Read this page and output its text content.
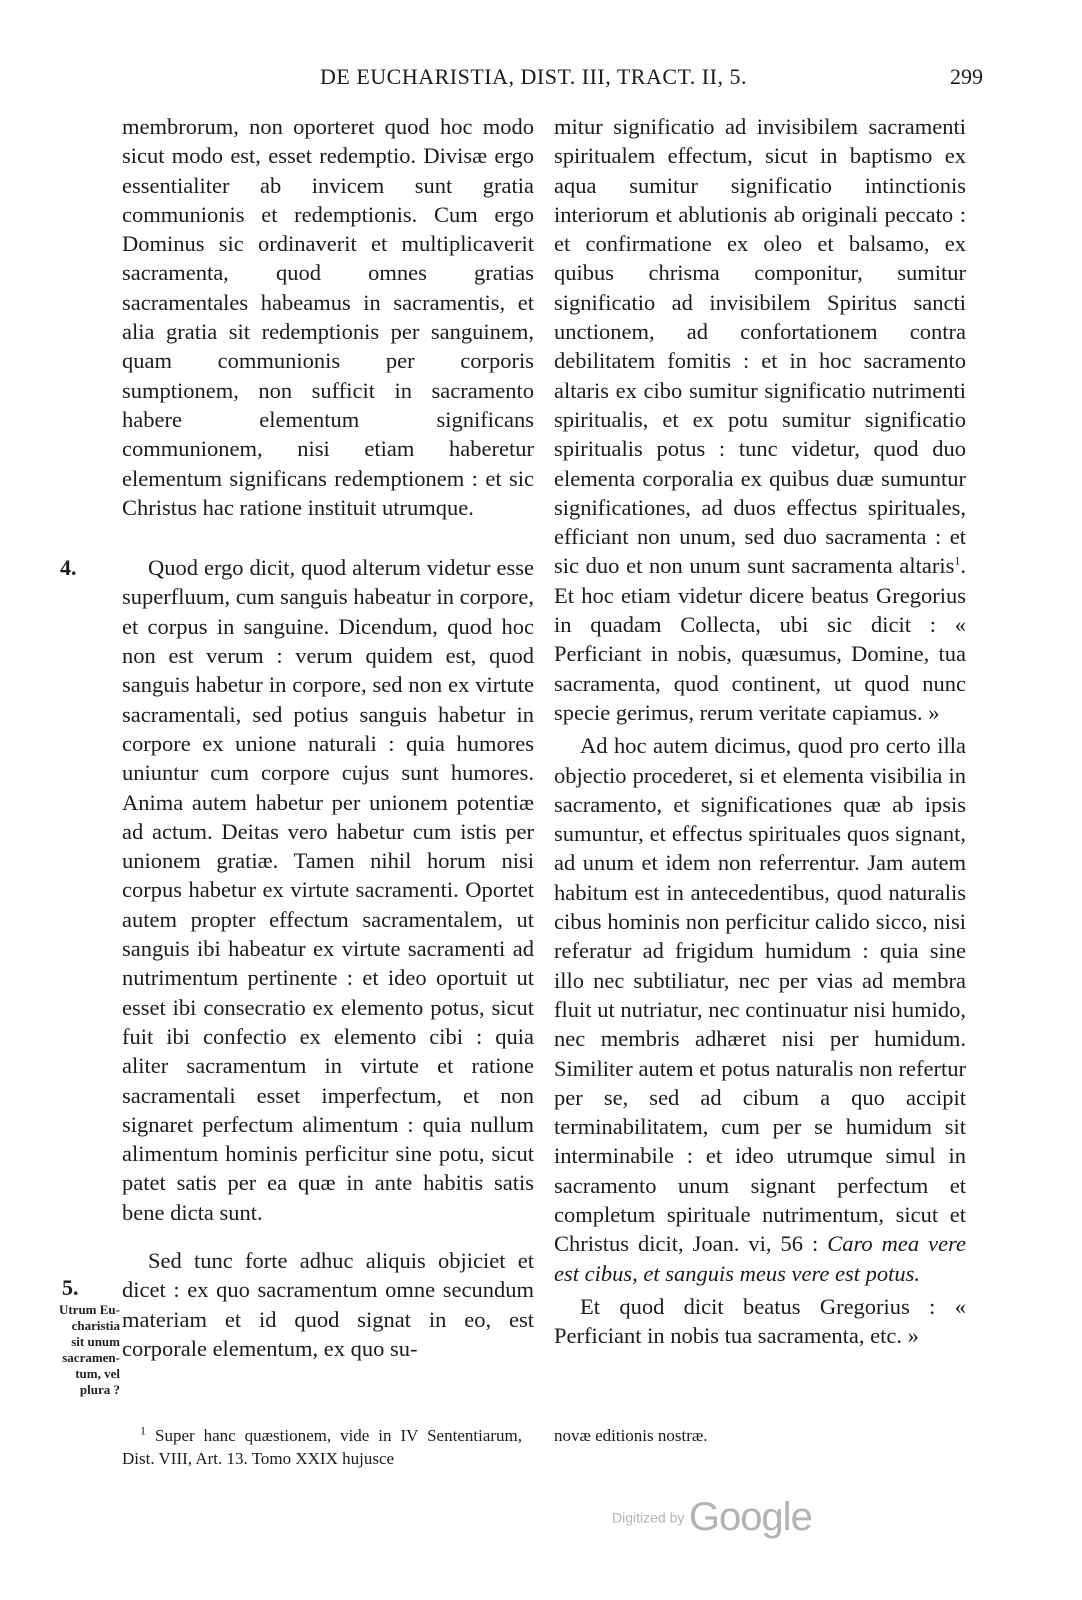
DE EUCHARISTIA, DIST. III, TRACT. II, 5.	299
4.
5.
Utrum Eu-
charistia
sit unum
sacramen-
tum, vel
plura ?

membrorum, non oporteret quod hoc modo sicut modo est, esset redemptio. Divisæ ergo essentialiter ab invicem sunt gratia communionis et redemptionis. Cum ergo Dominus sic ordinaverit et multiplicaverit sacramenta, quod omnes gratias sacramentales habeamus in sacramentis, et alia gratia sit redemptionis per sanguinem, quam communionis per corporis sumptionem, non sufficit in sacramento habere elementum significans communionem, nisi etiam haberetur elementum significans redemptionem : et sic Christus hac ratione instituit utrumque.

Quod ergo dicit, quod alterum videtur esse superfluum, cum sanguis habeatur in corpore, et corpus in sanguine. Dicendum, quod hoc non est verum : verum quidem est, quod sanguis habetur in corpore, sed non ex virtute sacramentali, sed potius sanguis habetur in corpore ex unione naturali : quia humores uniuntur cum corpore cujus sunt humores. Anima autem habetur per unionem potentiæ ad actum. Deitas vero habetur cum istis per unionem gratiæ. Tamen nihil horum nisi corpus habetur ex virtute sacramenti. Oportet autem propter effectum sacramentalem, ut sanguis ibi habeatur ex virtute sacramenti ad nutrimentum pertinente : et ideo oportuit ut esset ibi consecratio ex elemento potus, sicut fuit ibi confectio ex elemento cibi : quia aliter sacramentum in virtute et ratione sacramentali esset imperfectum, et non signaret perfectum alimentum : quia nullum alimentum hominis perficitur sine potu, sicut patet satis per ea quæ in ante habitis satis bene dicta sunt.

Sed tunc forte adhuc aliquis objiciet et dicet : ex quo sacramentum omne secundum materiam et id quod signat in eo, est corporale elementum, ex quo su-

mitur significatio ad invisibilem sacramenti spiritualem effectum, sicut in baptismo ex aqua sumitur significatio intinctionis interiorum et ablutionis ab originali peccato : et confirmatione ex oleo et balsamo, ex quibus chrisma componitur, sumitur significatio ad invisibilem Spiritus sancti unctionem, ad confortationem contra debilitatem fomitis : et in hoc sacramento altaris ex cibo sumitur significatio nutrimenti spiritualis, et ex potu sumitur significatio spiritualis potus : tunc videtur, quod duo elementa corporalia ex quibus duæ sumuntur significationes, ad duos effectus spirituales, efficiant non unum, sed duo sacramenta : et sic duo et non unum sunt sacramenta altaris$^1$. Et hoc etiam videtur dicere beatus Gregorius in quadam Collecta, ubi sic dicit : « Perficiant in nobis, quæsumus, Domine, tua sacramenta, quod continent, ut quod nunc specie gerimus, rerum veritate capiamus. »

Ad hoc autem dicimus, quod pro certo illa objectio procederet, si et elementa visibilia in sacramento, et significationes quæ ab ipsis sumuntur, et effectus spirituales quos signant, ad unum et idem non referrentur. Jam autem habitum est in antecedentibus, quod naturalis cibus hominis non perficitur calido sicco, nisi referatur ad frigidum humidum : quia sine illo nec subtiliatur, nec per vias ad membra fluit ut nutriatur, nec continuatur nisi humido, nec membris adhæret nisi per humidum. Similiter autem et potus naturalis non refertur per se, sed ad cibum a quo accipit terminabilitatem, cum per se humidum sit interminabile : et ideo utrumque simul in sacramento unum signant perfectum et completum spirituale nutrimentum, sicut et Christus dicit, Joan. vi, 56 : Caro mea vere est cibus, et sanguis meus vere est potus.

Et quod dicit beatus Gregorius : « Perficiant in nobis tua sacramenta, etc. »

$^1$ Super hanc quæstionem, vide in IV Sententiarum, Dist. VIII, Art. 13. Tomo XXIX hujusce
novæ editionis nostræ.
Digitized by Google
